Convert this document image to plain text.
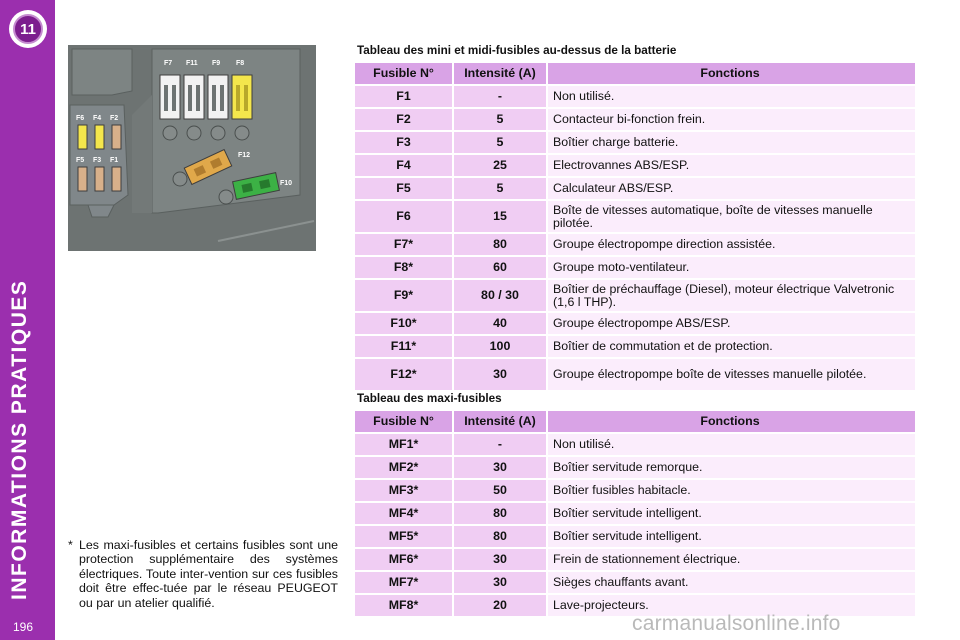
11
INFORMATIONS PRATIQUES
196
F7 F11 F9 F8
F12
F10
F6 F4 F2
F5 F3 F1
* Les maxi-fusibles et certains fusibles sont une protection supplémentaire des systèmes électriques. Toute inter-vention sur ces fusibles doit être effec-tuée par le réseau PEUGEOT ou par un atelier qualifié.
Tableau des mini et midi-fusibles au-dessus de la batterie
Fusible N°	Intensité (A)	Fonctions
F1	-	Non utilisé.
F2	5	Contacteur bi-fonction frein.
F3	5	Boîtier charge batterie.
F4	25	Electrovannes ABS/ESP.
F5	5	Calculateur ABS/ESP.
F6	15	Boîte de vitesses automatique, boîte de vitesses manuelle pilotée.
F7*	80	Groupe électropompe direction assistée.
F8*	60	Groupe moto-ventilateur.
F9*	80 / 30	Boîtier de préchauffage (Diesel), moteur électrique Valvetronic (1,6 l THP).
F10*	40	Groupe électropompe ABS/ESP.
F11*	100	Boîtier de commutation et de protection.
F12*	30	Groupe électropompe boîte de vitesses manuelle pilotée.
Tableau des maxi-fusibles
Fusible N°	Intensité (A)	Fonctions
MF1*	-	Non utilisé.
MF2*	30	Boîtier servitude remorque.
MF3*	50	Boîtier fusibles habitacle.
MF4*	80	Boîtier servitude intelligent.
MF5*	80	Boîtier servitude intelligent.
MF6*	30	Frein de stationnement électrique.
MF7*	30	Sièges chauffants avant.
MF8*	20	Lave-projecteurs.
carmanualsonline.info
